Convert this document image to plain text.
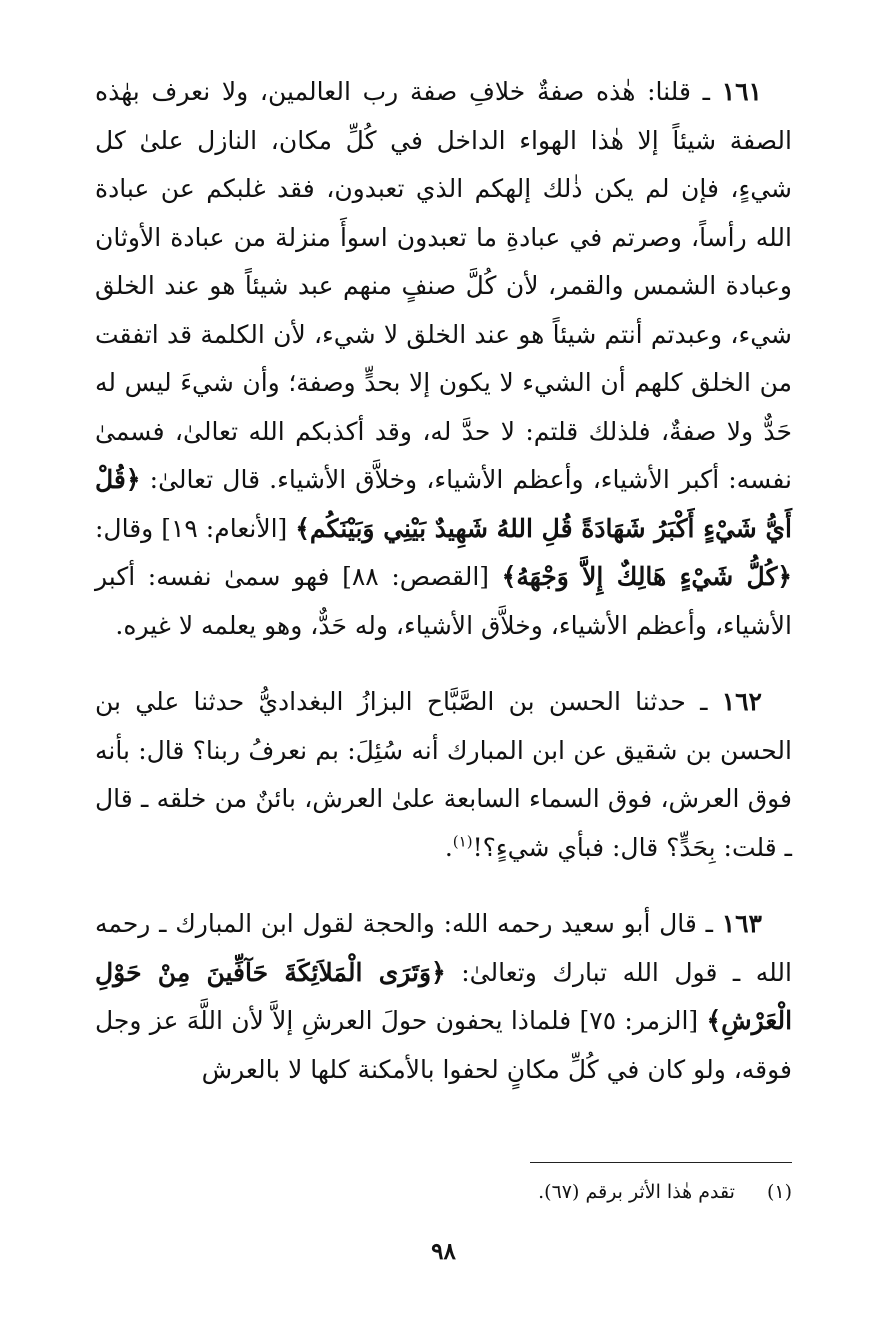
١٦١ ـ قلنا: هٰذه صفةٌ خلافِ صفة رب العالمين، ولا نعرف بهٰذه الصفة شيئاً إلا هٰذا الهواء الداخل في كُلِّ مكان، النازل علىٰ كل شيءٍ، فإن لم يكن ذٰلك إلهكم الذي تعبدون، فقد غلبكم عن عبادة الله رأساً، وصرتم في عبادةِ ما تعبدون اسوأَ منزلة من عبادة الأوثان وعبادة الشمس والقمر، لأن كُلَّ صنفٍ منهم عبد شيئاً هو عند الخلق شيء، وعبدتم أنتم شيئاً هو عند الخلق لا شيء، لأن الكلمة قد اتفقت من الخلق كلهم أن الشيء لا يكون إلا بحدٍّ وصفة؛ وأن شيءَ ليس له حَدٌّ ولا صفةٌ، فلذلك قلتم: لا حدَّ له، وقد أكذبكم الله تعالىٰ، فسمىٰ نفسه: أكبر الأشياء، وأعظم الأشياء، وخلاَّق الأشياء. قال تعالىٰ: ﴿قُلْ أَيُّ شَيْءٍ أَكْبَرُ شَهَادَةً قُلِ اللهُ شَهِيدٌ بَيْنِي وَبَيْنَكُم﴾ [الأنعام: ١٩] وقال: ﴿كُلُّ شَيْءٍ هَالِكٌ إِلاَّ وَجْهَهُ﴾ [القصص: ٨٨] فهو سمىٰ نفسه: أكبر الأشياء، وأعظم الأشياء، وخلاَّق الأشياء، وله حَدٌّ، وهو يعلمه لا غيره.

١٦٢ ـ حدثنا الحسن بن الصَّبَّاح البزازُ البغداديُّ حدثنا علي بن الحسن بن شقيق عن ابن المبارك أنه سُئِلَ: بم نعرفُ ربنا؟ قال: بأنه فوق العرش، فوق السماء السابعة علىٰ العرش، بائنٌ من خلقه ـ قال ـ قلت: بِحَدٍّ؟ قال: فبأي شيءٍ؟!$^{(١)}$.

١٦٣ ـ قال أبو سعيد رحمه الله: والحجة لقول ابن المبارك ـ رحمه الله ـ قول الله تبارك وتعالىٰ: ﴿وَتَرَى الْمَلاَئِكَةَ حَآفِّينَ مِنْ حَوْلِ الْعَرْشِ﴾ [الزمر: ٧٥] فلماذا يحفون حولَ العرشِ إلاَّ لأن اللَّهَ عز وجل فوقه، ولو كان في كُلِّ مكانٍ لحفوا بالأمكنة كلها لا بالعرش

(١) تقدم هٰذا الأثر برقم (٦٧).
٩٨
